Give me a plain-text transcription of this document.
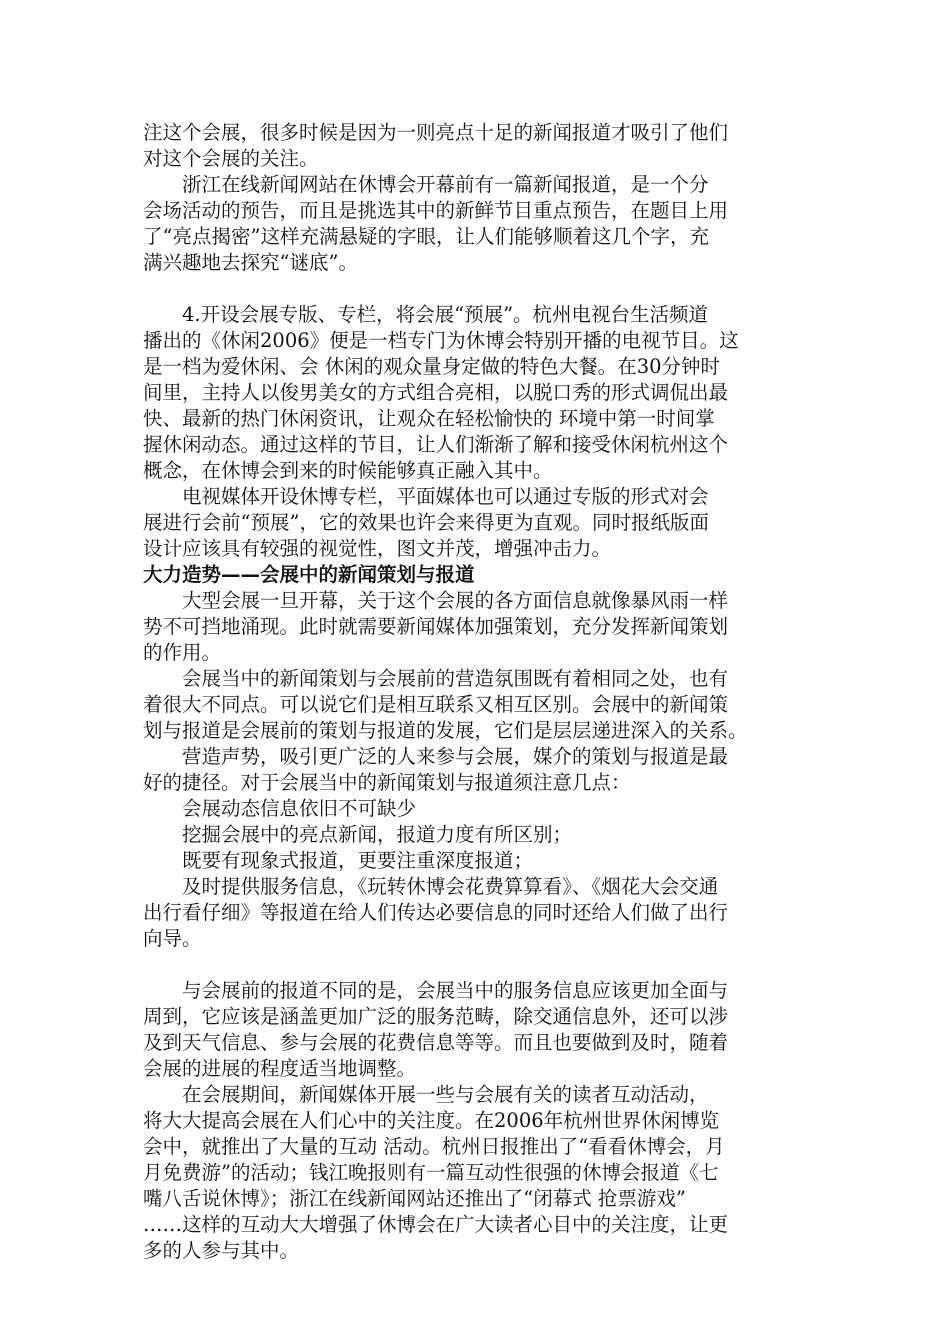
注这个会展，很多时候是因为一则亮点十足的新闻报道才吸引了他们
对这个会展的关注。
　　浙江在线新闻网站在休博会开幕前有一篇新闻报道，是一个分
会场活动的预告，而且是挑选其中的新鲜节目重点预告，在题目上用
了“亮点揭密”这样充满悬疑的字眼，让人们能够顺着这几个字，充
满兴趣地去探究“谜底”。
　　4.开设会展专版、专栏，将会展“预展”。杭州电视台生活频道
播出的《休闲2006》便是一档专门为休博会特别开播的电视节目。这
是一档为爱休闲、会 休闲的观众量身定做的特色大餐。在30分钟时
间里，主持人以俊男美女的方式组合亮相，以脱口秀的形式调侃出最
快、最新的热门休闲资讯，让观众在轻松愉快的 环境中第一时间掌
握休闲动态。通过这样的节目，让人们渐渐了解和接受休闲杭州这个
概念，在休博会到来的时候能够真正融入其中。
　　电视媒体开设休博专栏，平面媒体也可以通过专版的形式对会
展进行会前“预展”，它的效果也许会来得更为直观。同时报纸版面
设计应该具有较强的视觉性，图文并茂，增强冲击力。
大力造势——会展中的新闻策划与报道
　　大型会展一旦开幕，关于这个会展的各方面信息就像暴风雨一样
势不可挡地涌现。此时就需要新闻媒体加强策划，充分发挥新闻策划
的作用。
　　会展当中的新闻策划与会展前的营造氛围既有着相同之处，也有
着很大不同点。可以说它们是相互联系又相互区别。会展中的新闻策
划与报道是会展前的策划与报道的发展，它们是层层递进深入的关系。
　　营造声势，吸引更广泛的人来参与会展，媒介的策划与报道是最
好的捷径。对于会展当中的新闻策划与报道须注意几点：
　　会展动态信息依旧不可缺少
　　挖掘会展中的亮点新闻，报道力度有所区别；
　　既要有现象式报道，更要注重深度报道；
　　及时提供服务信息，《玩转休博会花费算算看》、《烟花大会交通
出行看仔细》等报道在给人们传达必要信息的同时还给人们做了出行
向导。
　　与会展前的报道不同的是，会展当中的服务信息应该更加全面与
周到，它应该是涵盖更加广泛的服务范畴，除交通信息外，还可以涉
及到天气信息、参与会展的花费信息等等。而且也要做到及时，随着
会展的进展的程度适当地调整。
　　在会展期间，新闻媒体开展一些与会展有关的读者互动活动，
将大大提高会展在人们心中的关注度。在2006年杭州世界休闲博览
会中，就推出了大量的互动 活动。杭州日报推出了“看看休博会，月
月免费游”的活动；钱江晚报则有一篇互动性很强的休博会报道《七
嘴八舌说休博》；浙江在线新闻网站还推出了“闭幕式 抢票游戏”
……这样的互动大大增强了休博会在广大读者心目中的关注度，让更
多的人参与其中。
